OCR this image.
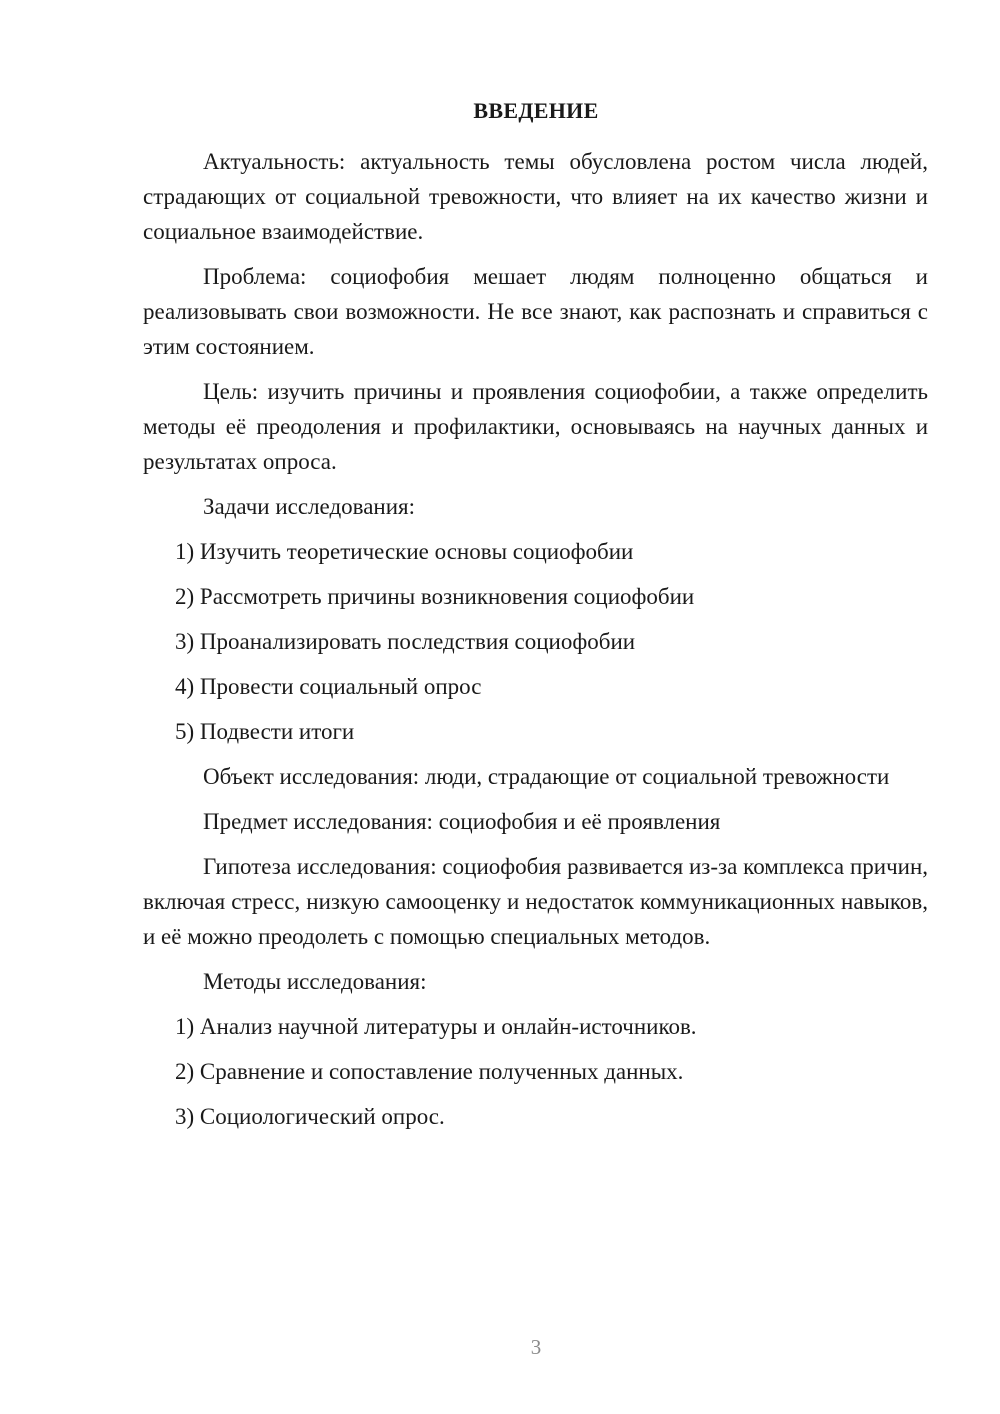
ВВЕДЕНИЕ

Актуальность: актуальность темы обусловлена ростом числа людей, страдающих от социальной тревожности, что влияет на их качество жизни и социальное взаимодействие.

Проблема: социофобия мешает людям полноценно общаться и реализовывать свои возможности. Не все знают, как распознать и справиться с этим состоянием.

Цель: изучить причины и проявления социофобии, а также определить методы её преодоления и профилактики, основываясь на научных данных и результатах опроса.

Задачи исследования:

1) Изучить теоретические основы социофобии

2) Рассмотреть причины возникновения социофобии

3) Проанализировать последствия социофобии

4) Провести социальный опрос

5) Подвести итоги

Объект исследования: люди, страдающие от социальной тревожности

Предмет исследования: социофобия и её проявления

Гипотеза исследования: социофобия развивается из-за комплекса причин, включая стресс, низкую самооценку и недостаток коммуникационных навыков, и её можно преодолеть с помощью специальных методов.

Методы исследования:

1) Анализ научной литературы и онлайн-источников.

2) Сравнение и сопоставление полученных данных.

3) Социологический опрос.

3
